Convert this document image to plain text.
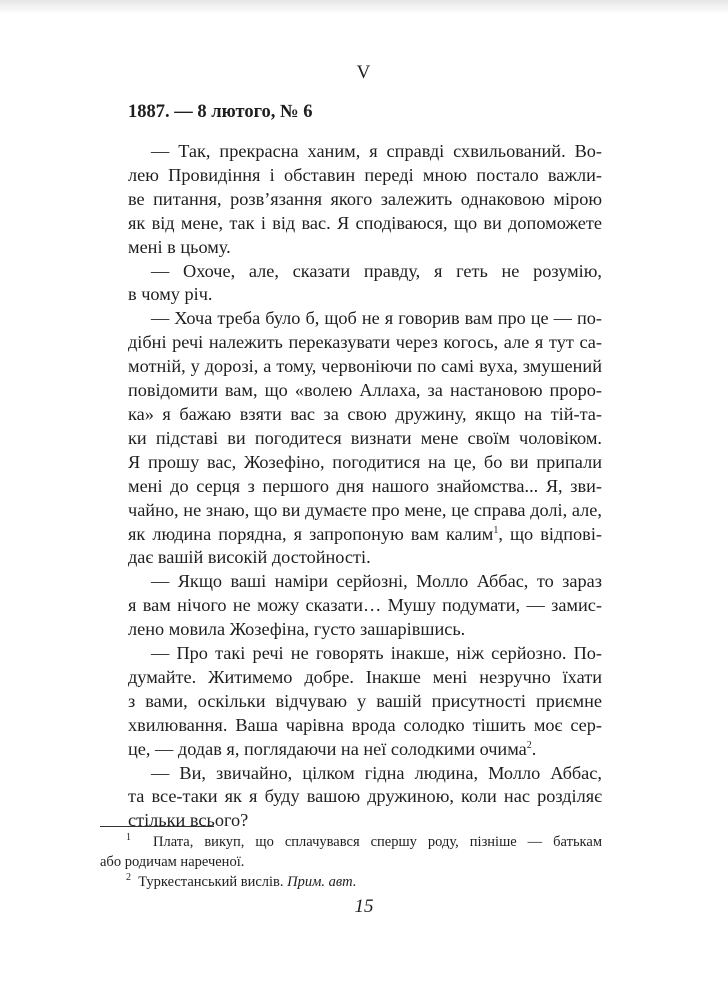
V
1887. — 8 лютого, № 6
— Так, прекрасна ханим, я справді схвильований. Во-
лею Провидіння і обставин переді мною постало важли-
ве питання, розв’язання якого залежить однаковою мірою
як від мене, так і від вас. Я сподіваюся, що ви допоможете
мені в цьому.
— Охоче, але, сказати правду, я геть не розумію,
в чому річ.
— Хоча треба було б, щоб не я говорив вам про це — по-
дібні речі належить переказувати через когось, але я тут са-
мотній, у дорозі, а тому, червоніючи по самі вуха, змушений
повідомити вам, що «волею Аллаха, за настановою проро-
ка» я бажаю взяти вас за свою дружину, якщо на тій-та-
ки підставі ви погодитеся визнати мене своїм чоловіком.
Я прошу вас, Жозефіно, погодитися на це, бо ви припали
мені до серця з першого дня нашого знайомства... Я, зви-
чайно, не знаю, що ви думаєте про мене, це справа долі, але,
як людина порядна, я запропоную вам калим$^1$, що відпові-
дає вашій високій достойності.
— Якщо ваші наміри серйозні, Молло Аббас, то зараз
я вам нічого не можу сказати… Мушу подумати, — замис-
лено мовила Жозефіна, густо зашарівшись.
— Про такі речі не говорять інакше, ніж серйозно. По-
думайте. Житимемо добре. Інакше мені незручно їхати
з вами, оскільки відчуваю у вашій присутності приємне
хвилювання. Ваша чарівна врода солодко тішить моє сер-
це, — додав я, поглядаючи на неї солодкими очима$^2$.
— Ви, звичайно, цілком гідна людина, Молло Аббас,
та все-таки як я буду вашою дружиною, коли нас розділяє
стільки всього?
$^1$ Плата, викуп, що сплачувався спершу роду, пізніше — батькам
або родичам нареченої.
$^2$ Туркестанський вислів. Прим. авт.
15
